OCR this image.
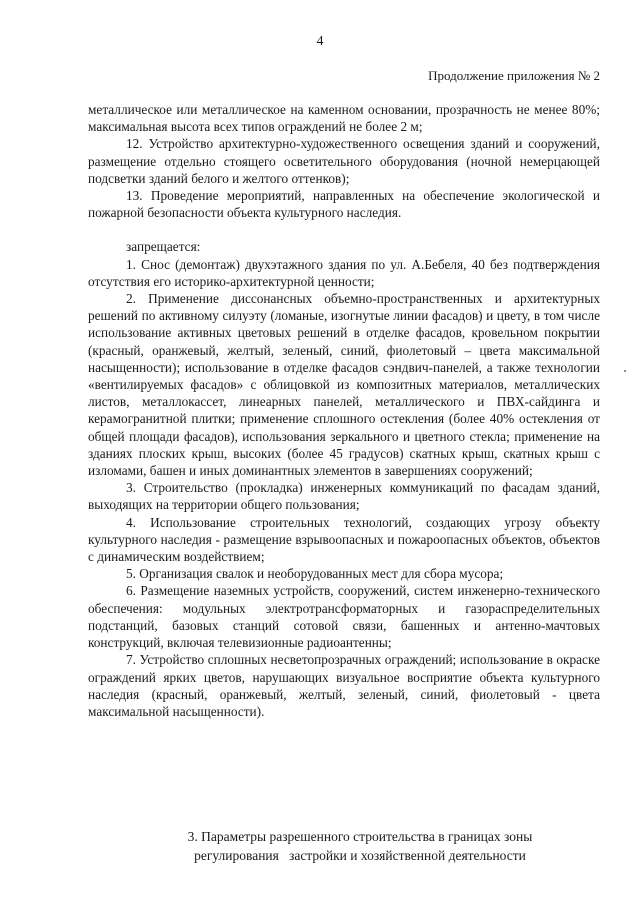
4
Продолжение приложения № 2

металлическое или металлическое на каменном основании, прозрачность не менее 80%; максимальная высота всех типов ограждений не более 2 м;

12. Устройство архитектурно-художественного освещения зданий и сооружений, размещение отдельно стоящего осветительного оборудования (ночной немерцающей подсветки зданий белого и желтого оттенков);

13. Проведение мероприятий, направленных на обеспечение экологической и пожарной безопасности объекта культурного наследия.

запрещается:

1. Снос (демонтаж) двухэтажного здания по ул. А.Бебеля, 40 без подтверждения отсутствия его историко-архитектурной ценности;

2. Применение диссонансных объемно-пространственных и архитектурных решений по активному силуэту (ломаные, изогнутые линии фасадов) и цвету, в том числе использование активных цветовых решений в отделке фасадов, кровельном покрытии (красный, оранжевый, желтый, зеленый, синий, фиолетовый – цвета максимальной насыщенности); использование в отделке фасадов сэндвич-панелей, а также технологии «вентилируемых фасадов» с облицовкой из композитных материалов, металлических листов, металлокассет, линеарных панелей, металлического и ПВХ-сайдинга и керамогранитной плитки; применение сплошного остекления (более 40% остекления от общей площади фасадов), использования зеркального и цветного стекла; применение на зданиях плоских крыш, высоких (более 45 градусов) скатных крыш, скатных крыш с изломами, башен и иных доминантных элементов в завершениях сооружений;

3. Строительство (прокладка) инженерных коммуникаций по фасадам зданий, выходящих на территории общего пользования;

4. Использование строительных технологий, создающих угрозу объекту культурного наследия - размещение взрывоопасных и пожароопасных объектов, объектов с динамическим воздействием;

5. Организация свалок и необорудованных мест для сбора мусора;

6. Размещение наземных устройств, сооружений, систем инженерно-технического обеспечения: модульных электротрансформаторных и газораспределительных подстанций, базовых станций сотовой связи, башенных и антенно-мачтовых конструкций, включая телевизионные радиоантенны;

7. Устройство сплошных несветопрозрачных ограждений; использование в окраске ограждений ярких цветов, нарушающих визуальное восприятие объекта культурного наследия (красный, оранжевый, желтый, зеленый, синий, фиолетовый - цвета максимальной насыщенности).

3. Параметры разрешенного строительства в границах зоны
регулирования   застройки и хозяйственной деятельности
